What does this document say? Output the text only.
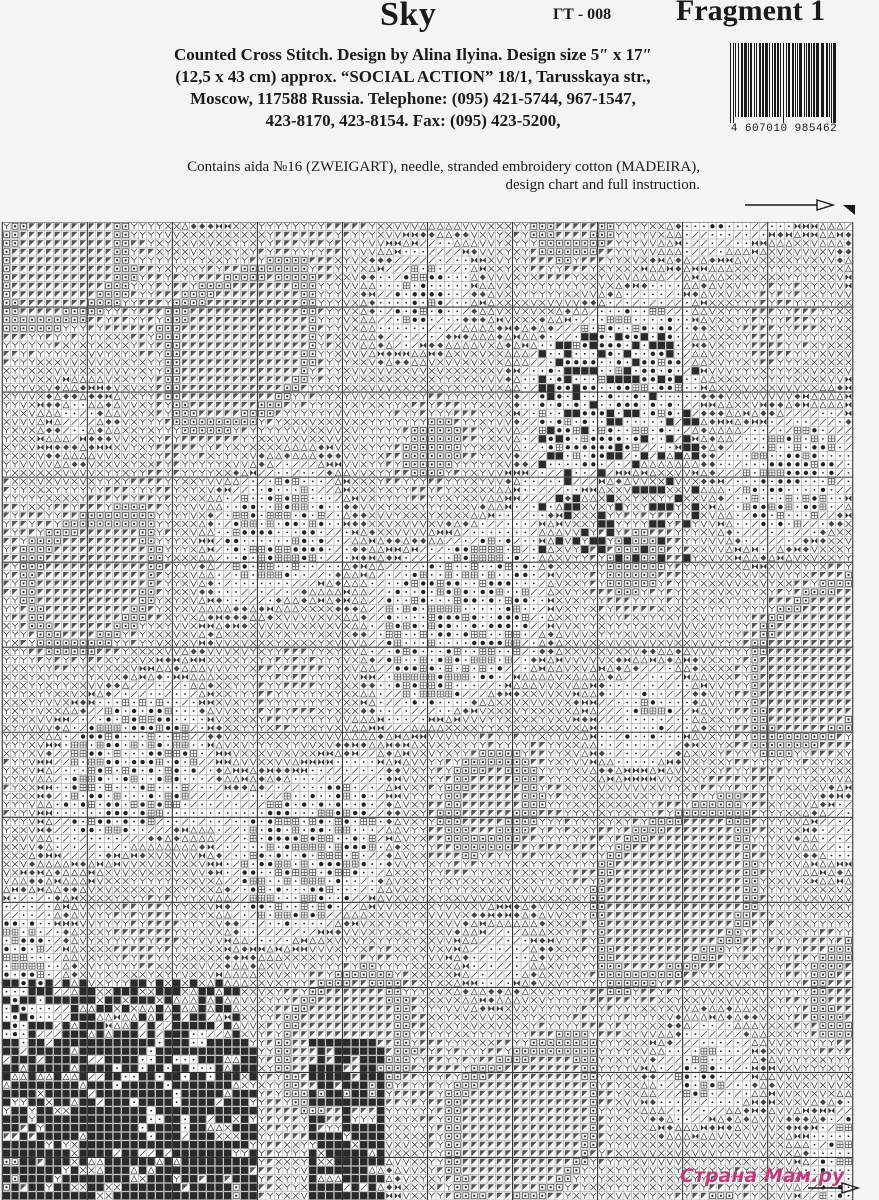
Sky	ГТ - 008 Fragment 1
4 607010 985462
Counted Cross Stitch. Design by Alina Ilyina. Design size 5″ x 17″
(12,5 x 43 cm) approx. “SOCIAL ACTION” 18/1, Tarusskaya str.,
Moscow, 117588 Russia. Telephone: (095) 421-5744, 967-1547,
423-8170, 423-8154. Fax: (095) 423-5200,
Contains aida №16 (ZWEIGART), needle, stranded embroidery cotton (MADEIRA),
design chart and full instruction.
Страна Мам.ру
